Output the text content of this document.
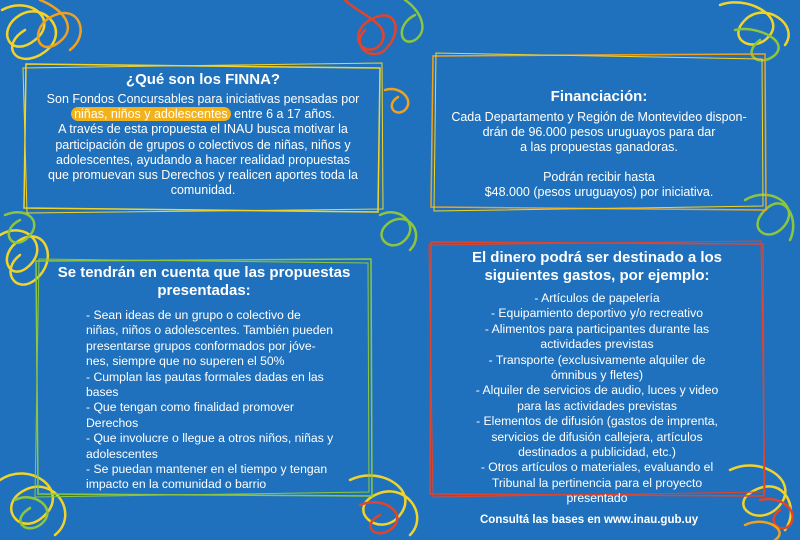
¿Qué son los FINNA?

Son Fondos Concursables para iniciativas pensadas por

niñas, niños y adolescentes entre 6 a 17 años.

A través de esta propuesta el INAU busca motivar la

participación de grupos o colectivos de niñas, niños y

adolescentes, ayudando a hacer realidad propuestas

que promuevan sus Derechos y realicen aportes toda la

comunidad.

Financiación:

Cada Departamento y Región de Montevideo dispon-

drán de 96.000 pesos uruguayos para dar

a las propuestas ganadoras.

Podrán recibir hasta

$48.000 (pesos uruguayos) por iniciativa.

Se tendrán en cuenta que las propuestas

presentadas:

- Sean ideas de un grupo o colectivo de
niñas, niños o adolescentes. También pueden
presentarse grupos conformados por jóve-
nes, siempre que no superen el 50%
- Cumplan las pautas formales dadas en las
bases
- Que tengan como finalidad promover
Derechos
- Que involucre o llegue a otros niños, niñas y
adolescentes
- Se puedan mantener en el tiempo y tengan
impacto en la comunidad o barrio

El dinero podrá ser destinado a los

siguientes gastos, por ejemplo:

- Artículos de papelería
- Equipamiento deportivo y/o recreativo
- Alimentos para participantes durante las
actividades previstas
- Transporte (exclusivamente alquiler de
ómnibus y fletes)
- Alquiler de servicios de audio, luces y video
para las actividades previstas
- Elementos de difusión (gastos de imprenta,
servicios de difusión callejera, artículos
destinados a publicidad, etc.)
- Otros artículos o materiales, evaluando el
Tribunal la pertinencia para el proyecto
presentado
Consultá las bases en www.inau.gub.uy
